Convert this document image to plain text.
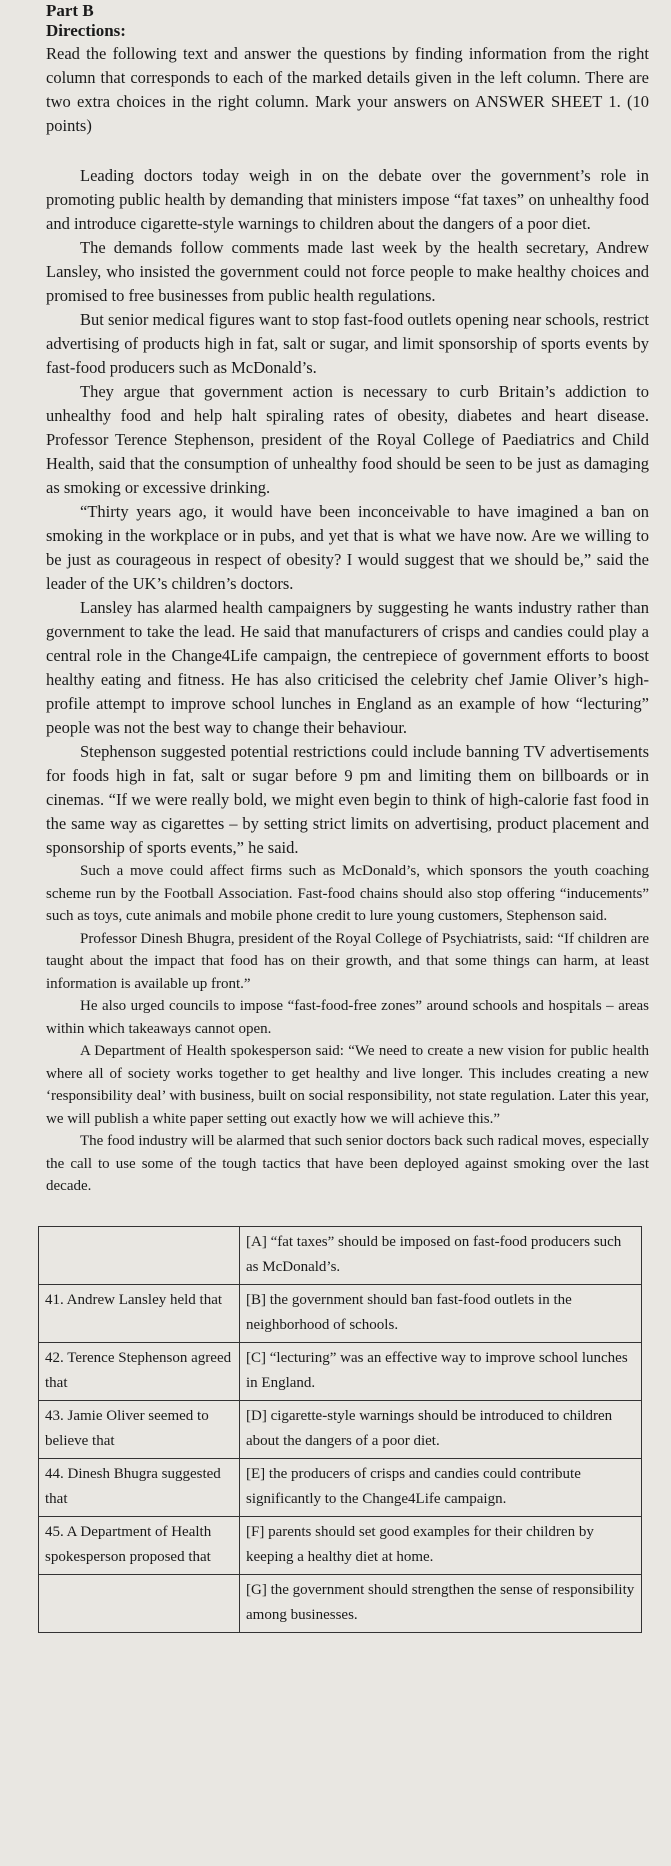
Part B
Directions:
Read the following text and answer the questions by finding information from the right column that corresponds to each of the marked details given in the left column. There are two extra choices in the right column. Mark your answers on ANSWER SHEET 1. (10 points)

Leading doctors today weigh in on the debate over the government’s role in promoting public health by demanding that ministers impose “fat taxes” on unhealthy food and introduce cigarette-style warnings to children about the dangers of a poor diet.

The demands follow comments made last week by the health secretary, Andrew Lansley, who insisted the government could not force people to make healthy choices and promised to free businesses from public health regulations.

But senior medical figures want to stop fast-food outlets opening near schools, restrict advertising of products high in fat, salt or sugar, and limit sponsorship of sports events by fast-food producers such as McDonald’s.

They argue that government action is necessary to curb Britain’s addiction to unhealthy food and help halt spiraling rates of obesity, diabetes and heart disease. Professor Terence Stephenson, president of the Royal College of Paediatrics and Child Health, said that the consumption of unhealthy food should be seen to be just as damaging as smoking or excessive drinking.

“Thirty years ago, it would have been inconceivable to have imagined a ban on smoking in the workplace or in pubs, and yet that is what we have now. Are we willing to be just as courageous in respect of obesity? I would suggest that we should be,” said the leader of the UK’s children’s doctors.

Lansley has alarmed health campaigners by suggesting he wants industry rather than government to take the lead. He said that manufacturers of crisps and candies could play a central role in the Change4Life campaign, the centrepiece of government efforts to boost healthy eating and fitness. He has also criticised the celebrity chef Jamie Oliver’s high-profile attempt to improve school lunches in England as an example of how “lecturing” people was not the best way to change their behaviour.

Stephenson suggested potential restrictions could include banning TV advertisements for foods high in fat, salt or sugar before 9 pm and limiting them on billboards or in cinemas. “If we were really bold, we might even begin to think of high-calorie fast food in the same way as cigarettes – by setting strict limits on advertising, product placement and sponsorship of sports events,” he said.

Such a move could affect firms such as McDonald’s, which sponsors the youth coaching scheme run by the Football Association. Fast-food chains should also stop offering “inducements” such as toys, cute animals and mobile phone credit to lure young customers, Stephenson said.

Professor Dinesh Bhugra, president of the Royal College of Psychiatrists, said: “If children are taught about the impact that food has on their growth, and that some things can harm, at least information is available up front.”

He also urged councils to impose “fast-food-free zones” around schools and hospitals – areas within which takeaways cannot open.

A Department of Health spokesperson said: “We need to create a new vision for public health where all of society works together to get healthy and live longer. This includes creating a new ‘responsibility deal’ with business, built on social responsibility, not state regulation. Later this year, we will publish a white paper setting out exactly how we will achieve this.”

The food industry will be alarmed that such senior doctors back such radical moves, especially the call to use some of the tough tactics that have been deployed against smoking over the last decade.

	[A] “fat taxes” should be imposed on fast-food producers such as McDonald’s.
41. Andrew Lansley held that	[B] the government should ban fast-food outlets in the neighborhood of schools.
42. Terence Stephenson agreed that	[C] “lecturing” was an effective way to improve school lunches in England.
43. Jamie Oliver seemed to believe that	[D] cigarette-style warnings should be introduced to children about the dangers of a poor diet.
44. Dinesh Bhugra suggested that	[E] the producers of crisps and candies could contribute significantly to the Change4Life campaign.
45. A Department of Health spokesperson proposed that	[F] parents should set good examples for their children by keeping a healthy diet at home.
	[G] the government should strengthen the sense of responsibility among businesses.
